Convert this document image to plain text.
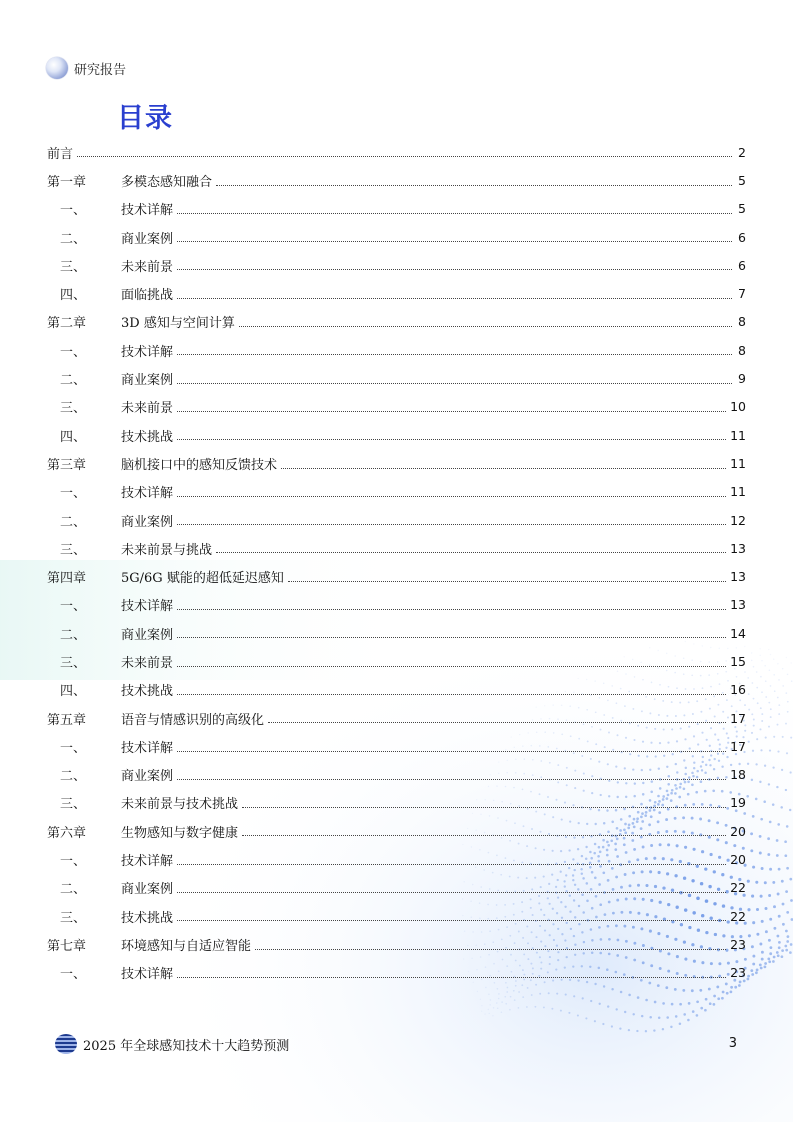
研究报告
目录
前言	2
第一章	多模态感知融合	5
一、	技术详解	5
二、	商业案例	6
三、	未来前景	6
四、	面临挑战	7
第二章	3D 感知与空间计算	8
一、	技术详解	8
二、	商业案例	9
三、	未来前景	10
四、	技术挑战	11
第三章	脑机接口中的感知反馈技术	11
一、	技术详解	11
二、	商业案例	12
三、	未来前景与挑战	13
第四章	5G/6G 赋能的超低延迟感知	13
一、	技术详解	13
二、	商业案例	14
三、	未来前景	15
四、	技术挑战	16
第五章	语音与情感识别的高级化	17
一、	技术详解	17
二、	商业案例	18
三、	未来前景与技术挑战	19
第六章	生物感知与数字健康	20
一、	技术详解	20
二、	商业案例	22
三、	技术挑战	22
第七章	环境感知与自适应智能	23
一、	技术详解	23
2025 年全球感知技术十大趋势预测	3
